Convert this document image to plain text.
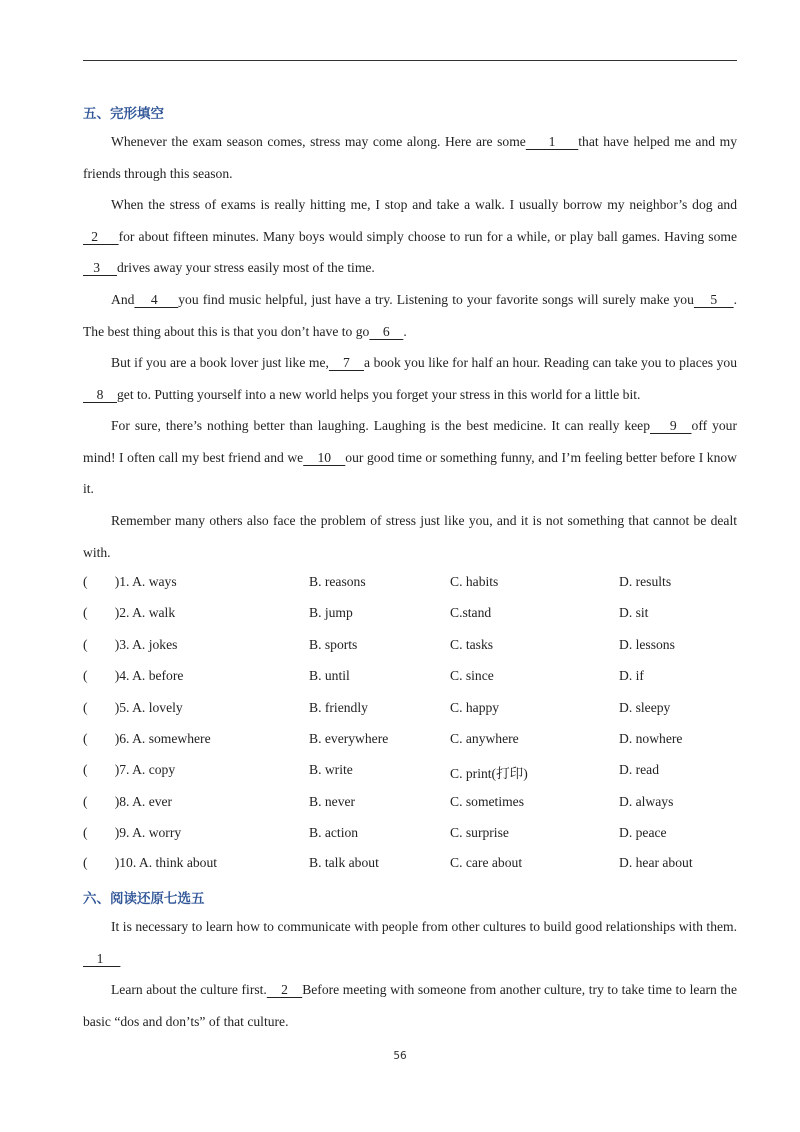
五、完形填空

Whenever the exam season comes, stress may come along. Here are some     1     that have helped me and my friends through this season.

When the stress of exams is really hitting me, I stop and take a walk. I usually borrow my neighbor’s dog and   2     for about fifteen minutes. Many boys would simply choose to run for a while, or play ball games. Having some   3     drives away your stress easily most of the time.

And    4     you find music helpful, just have a try. Listening to your favorite songs will surely make you    5    . The best thing about this is that you don’t have to go    6    .

But if you are a book lover just like me,    7    a book you like for half an hour. Reading can take you to places you    8    get to. Putting yourself into a new world helps you forget your stress in this world for a little bit.

For sure, there’s nothing better than laughing. Laughing is the best medicine. It can really keep    9   off your mind! I often call my best friend and we    10    our good time or something funny, and I’m feeling better before I know it.

Remember many others also face the problem of stress just like you, and it is not something that cannot be dealt with.

(        )1. A. ways	B. reasons	C. habits	D. results
(        )2. A. walk	B. jump	C.stand	D. sit
(        )3. A. jokes	B. sports	C. tasks	D. lessons
(        )4. A. before	B. until	C. since	D. if
(        )5. A. lovely	B. friendly	C. happy	D. sleepy
(        )6. A. somewhere	B. everywhere	C. anywhere	D. nowhere
(        )7. A. copy	B. write	C. print(打印)	D. read
(        )8. A. ever	B. never	C. sometimes	D. always
(        )9. A. worry	B. action	C. surprise	D. peace
(        )10. A. think about	B. talk about	C. care about	D. hear about
六、阅读还原七选五

It is necessary to learn how to communicate with people from other cultures to build good relationships with them.     1

Learn about the culture first.    2    Before meeting with someone from another culture, try to take time to learn the basic “dos and don’ts” of that culture.

56
